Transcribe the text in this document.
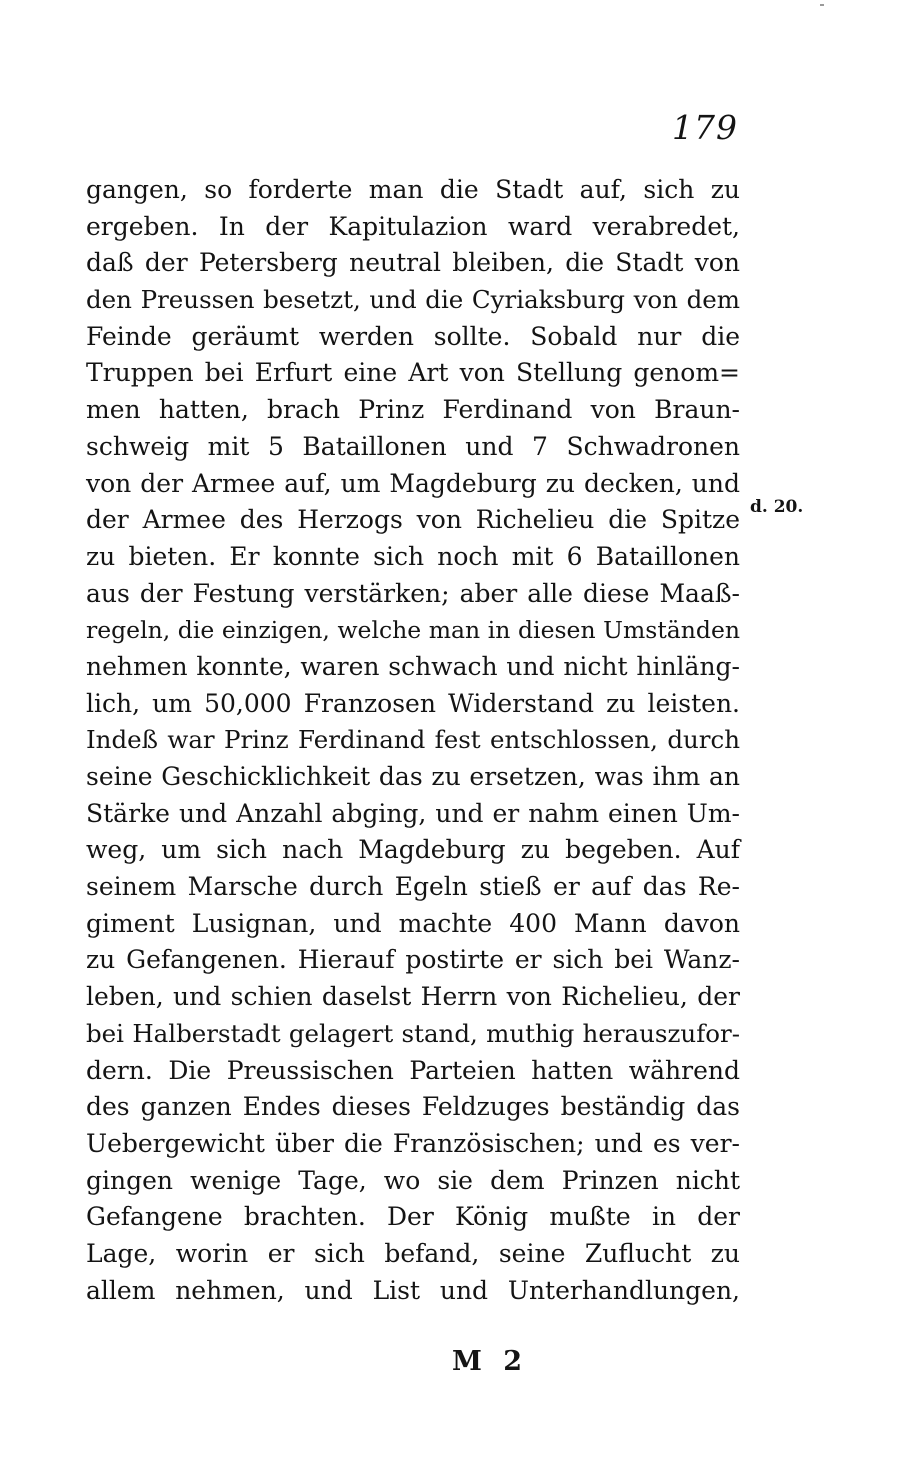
179
gangen, so forderte man die Stadt auf, sich zu
ergeben. In der Kapitulazion ward verabredet,
daß der Petersberg neutral bleiben, die Stadt von
den Preussen besetzt, und die Cyriaksburg von dem
Feinde geräumt werden sollte. Sobald nur die
Truppen bei Erfurt eine Art von Stellung genom=
men hatten, brach Prinz Ferdinand von Braun-
schweig mit 5 Bataillonen und 7 Schwadronen
von der Armee auf, um Magdeburg zu decken, und
der Armee des Herzogs von Richelieu die Spitze
zu bieten. Er konnte sich noch mit 6 Bataillonen
aus der Festung verstärken; aber alle diese Maaß-
regeln, die einzigen, welche man in diesen Umständen
nehmen konnte, waren schwach und nicht hinläng-
lich, um 50,000 Franzosen Widerstand zu leisten.
Indeß war Prinz Ferdinand fest entschlossen, durch
seine Geschicklichkeit das zu ersetzen, was ihm an
Stärke und Anzahl abging, und er nahm einen Um-
weg, um sich nach Magdeburg zu begeben. Auf
seinem Marsche durch Egeln stieß er auf das Re-
giment Lusignan, und machte 400 Mann davon
zu Gefangenen. Hierauf postirte er sich bei Wanz-
leben, und schien daselst Herrn von Richelieu, der
bei Halberstadt gelagert stand, muthig herauszufor-
dern. Die Preussischen Parteien hatten während
des ganzen Endes dieses Feldzuges beständig das
Uebergewicht über die Französischen; und es ver-
gingen wenige Tage, wo sie dem Prinzen nicht
Gefangene brachten. Der König mußte in der
Lage, worin er sich befand, seine Zuflucht zu
allem nehmen, und List und Unterhandlungen,
d. 20.
M 2
